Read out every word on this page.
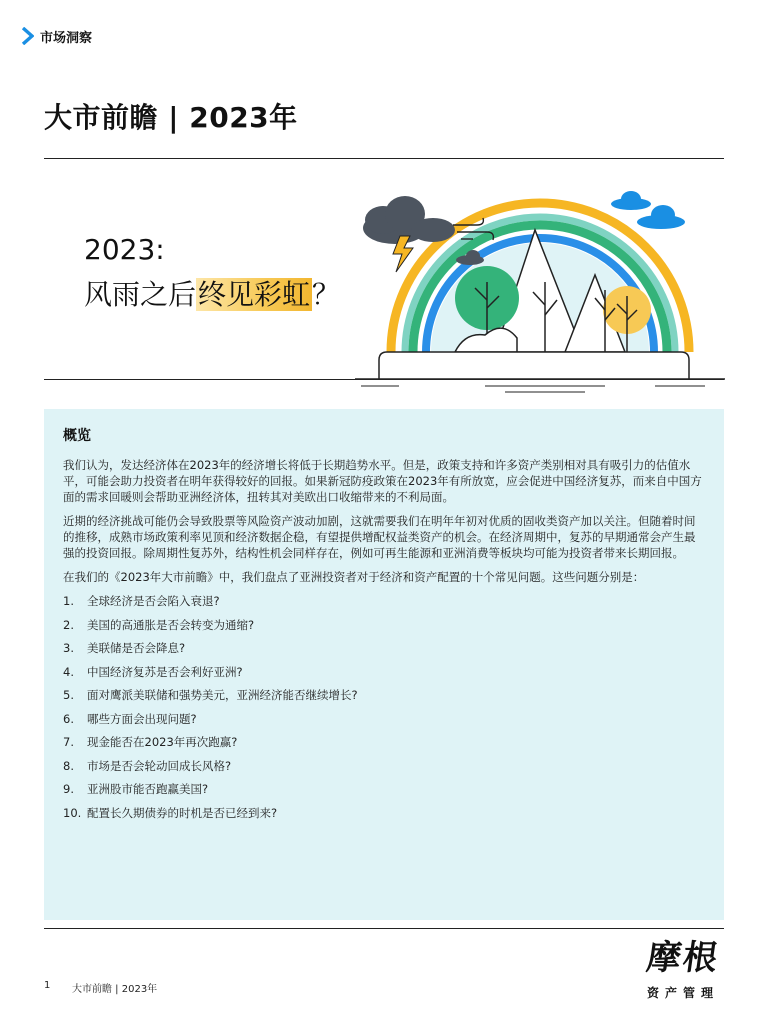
市场洞察
大市前瞻 | 2023年
2023:
风雨之后终见彩虹？
概览

我们认为，发达经济体在2023年的经济增长将低于长期趋势水平。但是，政策支持和许多资产类别相对具有吸引力的估值水平，可能会助力投资者在明年获得较好的回报。如果新冠防疫政策在2023年有所放宽，应会促进中国经济复苏，而来自中国方面的需求回暖则会帮助亚洲经济体，扭转其对美欧出口收缩带来的不利局面。

近期的经济挑战可能仍会导致股票等风险资产波动加剧，这就需要我们在明年年初对优质的固收类资产加以关注。但随着时间的推移，成熟市场政策利率见顶和经济数据企稳，有望提供增配权益类资产的机会。在经济周期中，复苏的早期通常会产生最强的投资回报。除周期性复苏外，结构性机会同样存在，例如可再生能源和亚洲消费等板块均可能为投资者带来长期回报。

在我们的《2023年大市前瞻》中，我们盘点了亚洲投资者对于经济和资产配置的十个常见问题。这些问题分别是：

1.	全球经济是否会陷入衰退?
2.	美国的高通胀是否会转变为通缩?
3.	美联储是否会降息?
4.	中国经济复苏是否会利好亚洲?
5.	面对鹰派美联储和强势美元，亚洲经济能否继续增长?
6.	哪些方面会出现问题?
7.	现金能否在2023年再次跑赢?
8.	市场是否会轮动回成长风格?
9.	亚洲股市能否跑赢美国?
10. 配置长久期债券的时机是否已经到来?
1 大市前瞻 | 2023年
摩根
资产管理
